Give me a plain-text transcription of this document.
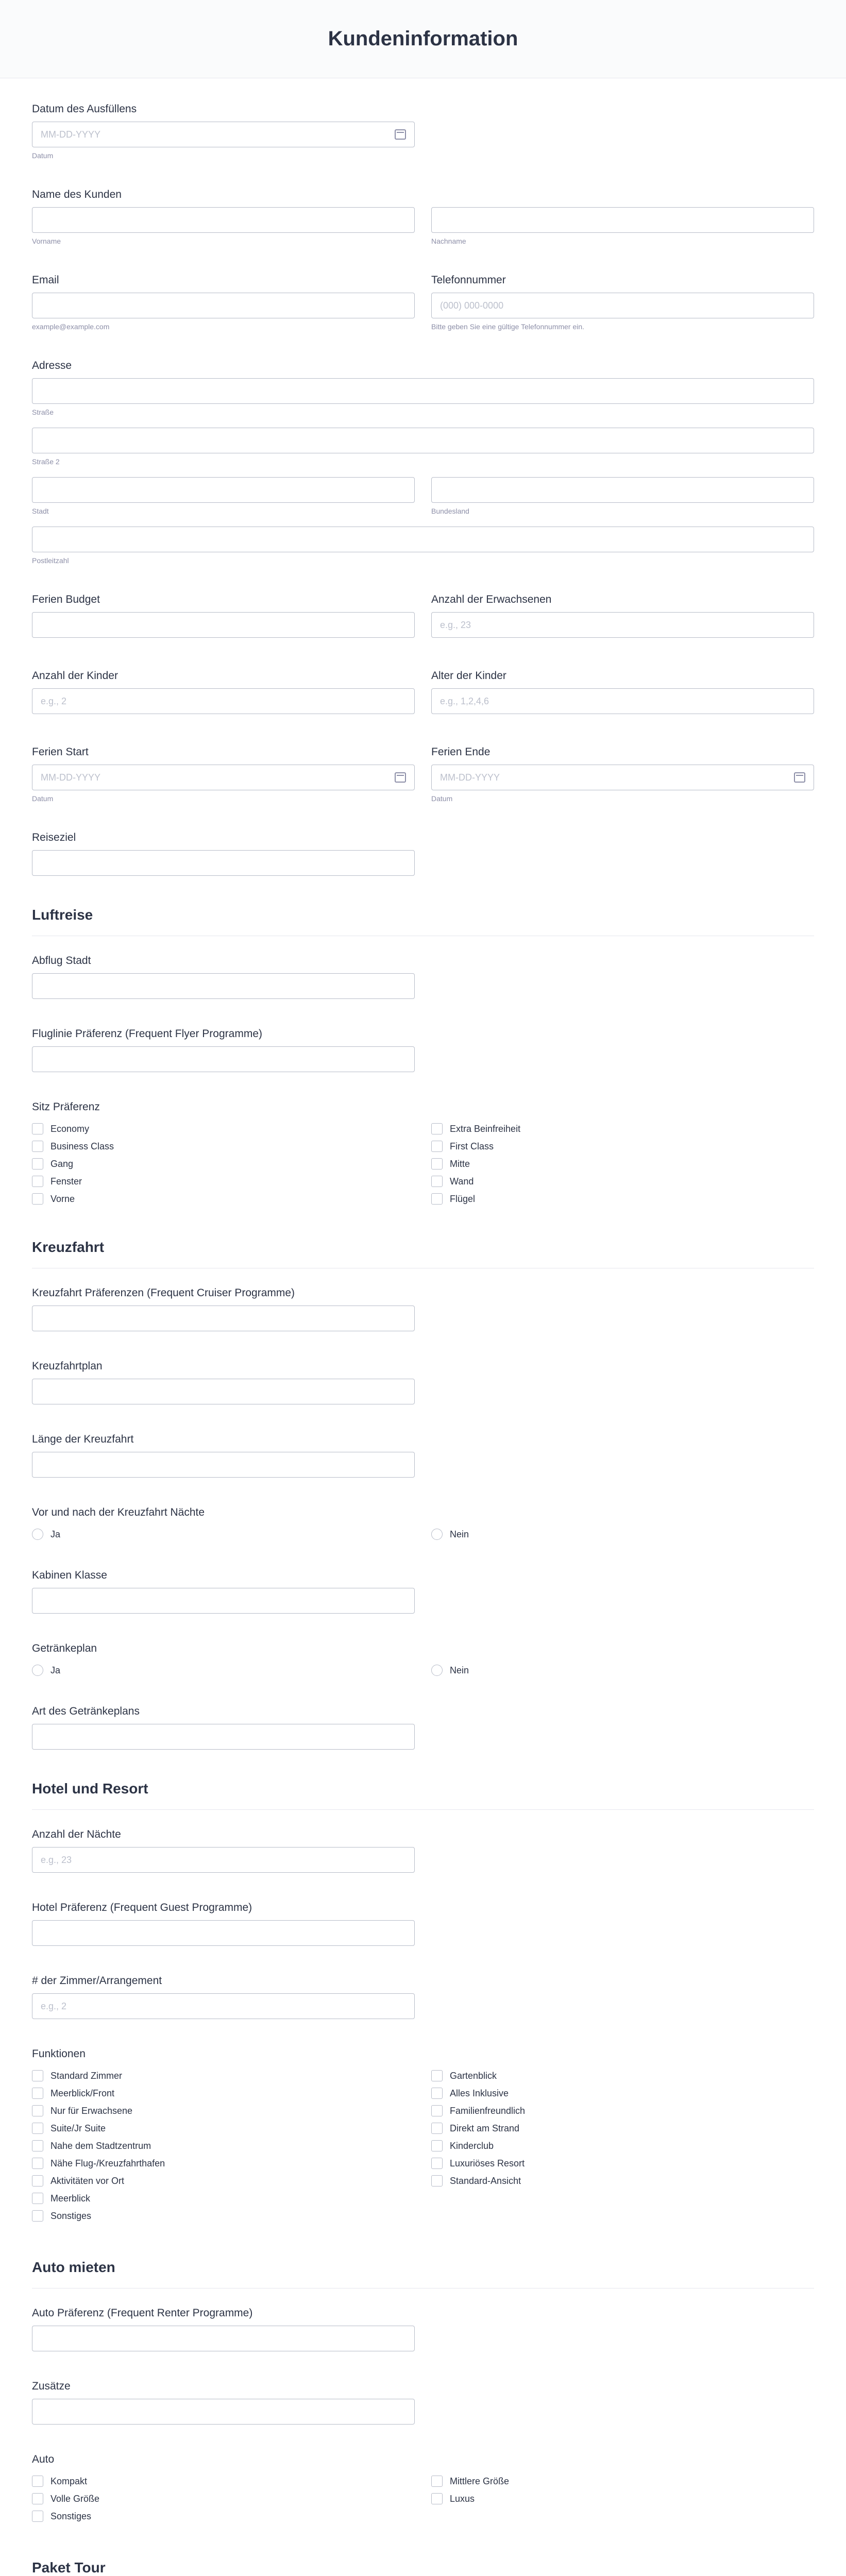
Kundeninformation
Datum des Ausfüllens
MM-DD-YYYY
Datum
Name des Kunden
Vorname	Nachname
Email
example@example.com
Telefonnummer
(000) 000-0000
Bitte geben Sie eine gültige Telefonnummer ein.
Adresse
Straße
Straße 2
Stadt	Bundesland
Postleitzahl
Ferien Budget	Anzahl der Erwachsenen
e.g., 23
Anzahl der Kinder
e.g., 2
Alter der Kinder
e.g., 1,2,4,6
Ferien Start
MM-DD-YYYY
Datum
Ferien Ende
MM-DD-YYYY
Datum
Reiseziel
Luftreise
Abflug Stadt
Fluglinie Präferenz (Frequent Flyer Programme)
Sitz Präferenz
Economy	Extra Beinfreiheit
Business Class	First Class
Gang	Mitte
Fenster	Wand
Vorne	Flügel
Kreuzfahrt
Kreuzfahrt Präferenzen (Frequent Cruiser Programme)
Kreuzfahrtplan
Länge der Kreuzfahrt
Vor und nach der Kreuzfahrt Nächte
Ja	Nein
Kabinen Klasse
Getränkeplan
Ja	Nein
Art des Getränkeplans
Hotel und Resort
Anzahl der Nächte
e.g., 23
Hotel Präferenz (Frequent Guest Programme)
# der Zimmer/Arrangement
e.g., 2
Funktionen
Standard Zimmer	Gartenblick
Meerblick/Front	Alles Inklusive
Nur für Erwachsene	Familienfreundlich
Suite/Jr Suite	Direkt am Strand
Nahe dem Stadtzentrum	Kinderclub
Nähe Flug-/Kreuzfahrthafen	Luxuriöses Resort
Aktivitäten vor Ort	Standard-Ansicht
Meerblick
Sonstiges
Auto mieten
Auto Präferenz (Frequent Renter Programme)
Zusätze
Auto
Kompakt	Mittlere Größe
Volle Größe	Luxus
Sonstiges
Paket Tour
